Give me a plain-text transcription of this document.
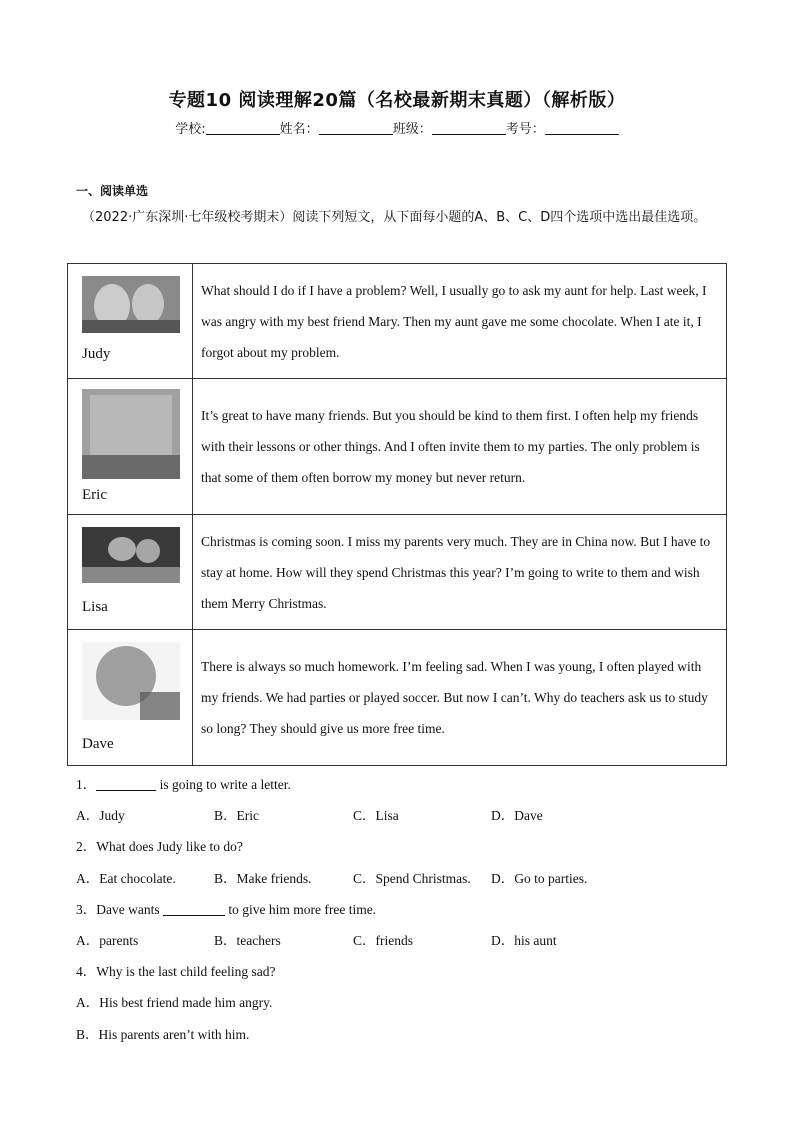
专题10 阅读理解20篇（名校最新期末真题）（解析版）
学校:	姓名：	班级：	考号：
一、阅读单选
（2022·广东深圳·七年级校考期末）阅读下列短文，从下面每小题的A、B、C、D四个选项中选出最佳选项。
Judy	What should I do if I have a problem? Well, I usually go to ask my aunt for help. Last week, I was angry with my best friend Mary. Then my aunt gave me some chocolate. When I ate it, I forgot about my problem.

Eric	It’s great to have many friends. But you should be kind to them first. I often help my friends with their lessons or other things. And I often invite them to my parties. The only problem is that some of them often borrow my money but never return.

Lisa	Christmas is coming soon. I miss my parents very much. They are in China now. But I have to stay at home. How will they spend Christmas this year? I’m going to write to them and wish them Merry Christmas.

Dave	There is always so much homework. I’m feeling sad. When I was young, I often played with my friends. We had parties or played soccer. But now I can’t. Why do teachers ask us to study so long? They should give us more free time.
1．	is going to write a letter.
A．Judy	B．Eric	C．Lisa	D．Dave
2．What does Judy like to do?
A．Eat chocolate.	B．Make friends.	C．Spend Christmas. D．Go to parties.
3．Dave wants	to give him more free time.
A．parents	B．teachers	C．friends	D．his aunt
4．Why is the last child feeling sad?
A．His best friend made him angry.
B．His parents aren’t with him.
